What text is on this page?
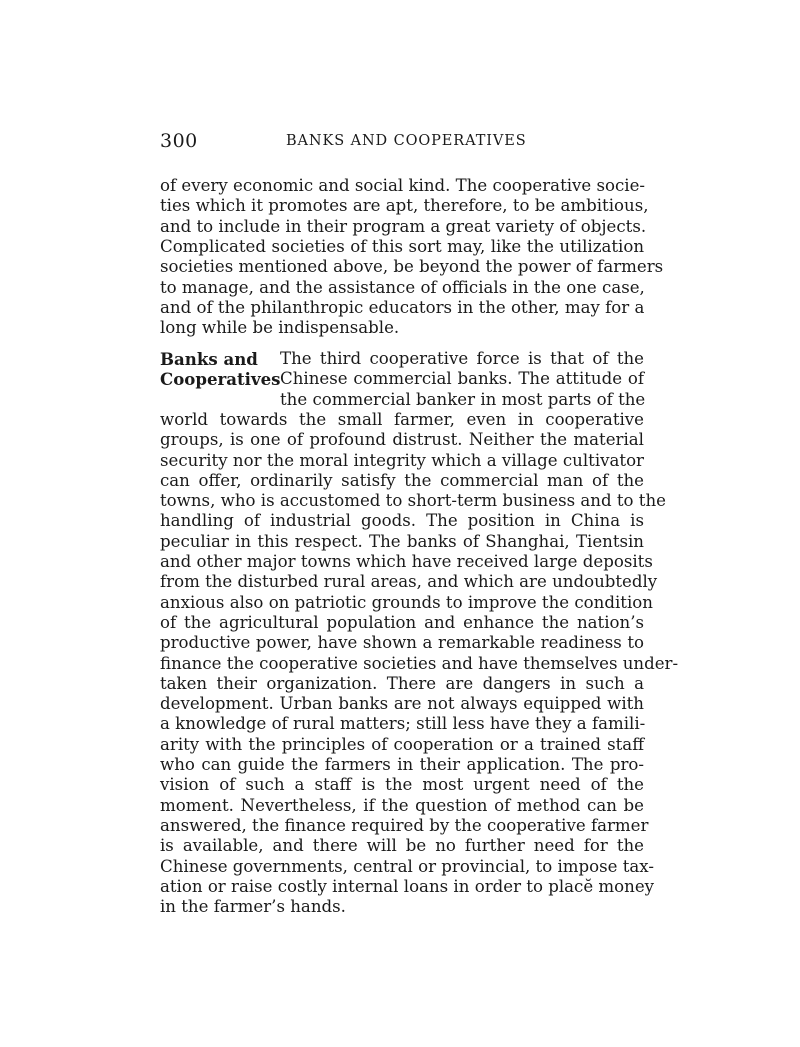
300	BANKS AND COOPERATIVES
of every economic and social kind. The cooperative socie-
ties which it promotes are apt, therefore, to be ambitious,
and to include in their program a great variety of objects.
Complicated societies of this sort may, like the utilization
societies mentioned above, be beyond the power of farmers
to manage, and the assistance of officials in the one case,
and of the philanthropic educators in the other, may for a
long while be indispensable.
Banks and
Cooperatives
The third cooperative force is that of the
Chinese commercial banks. The attitude of
the commercial banker in most parts of the
world towards the small farmer, even in cooperative
groups, is one of profound distrust. Neither the material
security nor the moral integrity which a village cultivator
can offer, ordinarily satisfy the commercial man of the
towns, who is accustomed to short-term business and to the
handling of industrial goods. The position in China is
peculiar in this respect. The banks of Shanghai, Tientsin
and other major towns which have received large deposits
from the disturbed rural areas, and which are undoubtedly
anxious also on patriotic grounds to improve the condition
of the agricultural population and enhance the nation’s
productive power, have shown a remarkable readiness to
finance the cooperative societies and have themselves under-
taken their organization. There are dangers in such a
development. Urban banks are not always equipped with
a knowledge of rural matters; still less have they a famili-
arity with the principles of cooperation or a trained staff
who can guide the farmers in their application. The pro-
vision of such a staff is the most urgent need of the
moment. Nevertheless, if the question of method can be
answered, the finance required by the cooperative farmer
is available, and there will be no further need for the
Chinese governments, central or provincial, to impose tax-
ation or raise costly internal loans in order to placĕ money
in the farmer’s hands.
